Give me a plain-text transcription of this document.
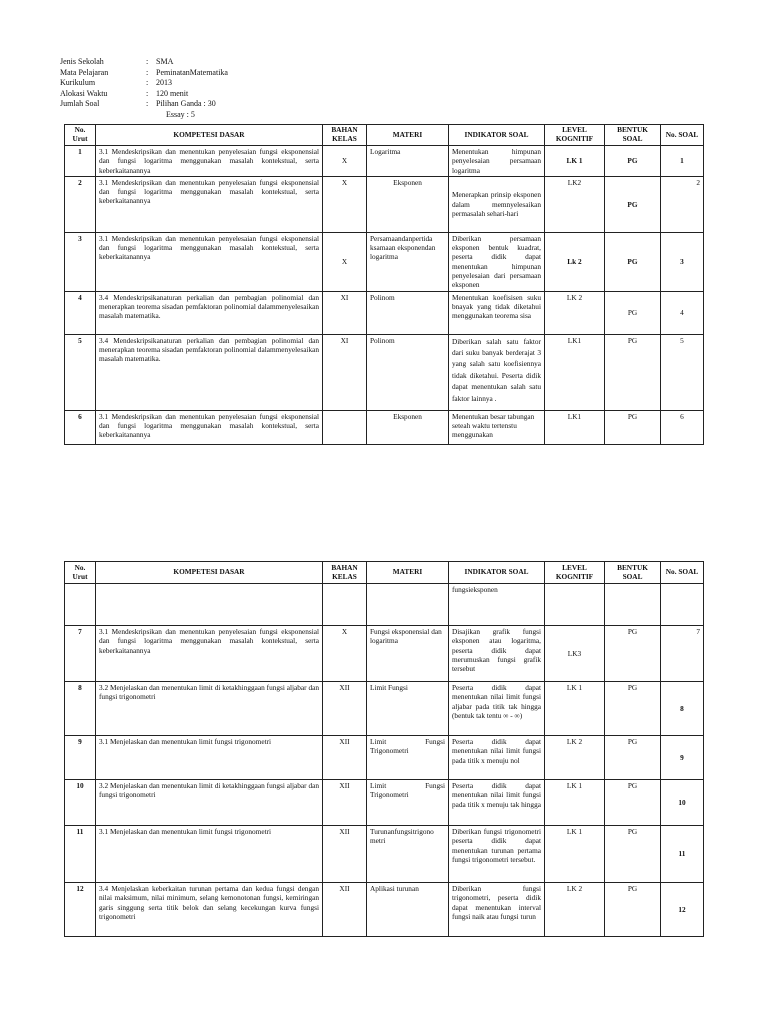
Jenis Sekolah	: SMA
Mata Pelajaran	: PeminatanMatematika
Kurikulum	: 2013
Alokasi Waktu	: 120 menit
Jumlah Soal	: Pilihan Ganda : 30
Essay : 5
No. Urut	KOMPETESI DASAR	BAHAN KELAS	MATERI	INDIKATOR SOAL	LEVEL KOGNITIF	BENTUK SOAL	No. SOAL
1	3.1 Mendeskripsikan dan menentukan penyelesaian fungsi eksponensial dan fungsi logaritma menggunakan masalah kontekstual, serta keberkaitanannya	X	Logaritma	Menentukan himpunan penyelesaian persamaan logaritma	LK 1	PG	1
2	3.1 Mendeskripsikan dan menentukan penyelesaian fungsi eksponensial dan fungsi logaritma menggunakan masalah kontekstual, serta keberkaitanannya	X	Eksponen	Menerapkan prinsip eksponen dalam memnyelesaikan permasalah sehari-hari	LK2	PG	2
3	3.1 Mendeskripsikan dan menentukan penyelesaian fungsi eksponensial dan fungsi logaritma menggunakan masalah kontekstual, serta keberkaitanannya	X	Persamaandanpertida ksamaan eksponendan logaritma	Diberikan persamaan eksponen bentuk kuadrat, peserta didik dapat menentukan himpunan penyelesaian dari persamaan eksponen	Lk 2	PG	3
4	3.4 Mendeskripsikanaturan perkalian dan pembagian polinomial dan menerapkan teorema sisadan pemfaktoran polinomial dalammenyelesaikan masalah matematika.	XI	Polinom	Menentukan koefisisen suku bnayak yang tidak diketahui menggunakan teorema sisa	LK 2	PG	4
5	3.4 Mendeskripsikanaturan perkalian dan pembagian polinomial dan menerapkan teorema sisadan pemfaktoran polinomial dalammenyelesaikan masalah matematika.	XI	Polinom	Diberikan salah satu faktor dari suku banyak berderajat 3 yang salah satu koefisiennya tidak diketahui. Peserta didik dapat menentukan salah satu faktor lainnya .	LK1	PG	5
6	3.1 Mendeskripsikan dan menentukan penyelesaian fungsi eksponensial dan fungsi logaritma menggunakan masalah kontekstual, serta keberkaitanannya		Eksponen	Menentukan besar tabungan seteah waktu tertenstu menggunakan	LK1	PG	6
No. Urut	KOMPETESI DASAR	BAHAN KELAS	MATERI	INDIKATOR SOAL	LEVEL KOGNITIF	BENTUK SOAL	No. SOAL
				fungsieksponen			
7	3.1 Mendeskripsikan dan menentukan penyelesaian fungsi eksponensial dan fungsi logaritma menggunakan masalah kontekstual, serta keberkaitanannya	X	Fungsi eksponensial dan logaritma	Disajikan grafik fungsi eksponen atau logaritma, peserta didik dapat merumuskan fungsi grafik tersebut	LK3	PG	7
8	3.2 Menjelaskan dan menentukan limit di ketakhinggaan fungsi aljabar dan fungsi trigonometri	XII	Limit Fungsi	Peserta didik dapat menentukan nilai limit fungsi aljabar pada titik tak hingga (bentuk tak tentu ∞ - ∞)	LK 1	PG	8
9	3.1 Menjelaskan dan menentukan limit fungsi trigonometri	XII	Limit Fungsi Trigonometri	Peserta didik dapat menentukan nilai limit fungsi pada titik x menuju nol	LK 2	PG	9
10	3.2 Menjelaskan dan menentukan limit di ketakhinggaan fungsi aljabar dan fungsi trigonometri	XII	Limit Fungsi Trigonometri	Peserta didik dapat menentukan nilai limit fungsi pada titik x menuju tak hingga	LK 1	PG	10
11	3.1 Menjelaskan dan menentukan limit fungsi trigonometri	XII	Turunanfungsitrigono metri	Diberikan fungsi trigonometri peserta didik dapat menentukan turunan pertama fungsi trigonometri tersebut.	LK 1	PG	11
12	3.4 Menjelaskan keberkaitan turunan pertama dan kedua fungsi dengan nilai maksimum, nilai minimum, selang kemonotonan fungsi, kemiringan garis singgung serta titik belok dan selang kecekungan kurva fungsi trigonometri	XII	Aplikasi turunan	Diberikan fungsi trigonometri, peserta didik dapat menentukan interval fungsi naik atau fungsi turun	LK 2	PG	12
